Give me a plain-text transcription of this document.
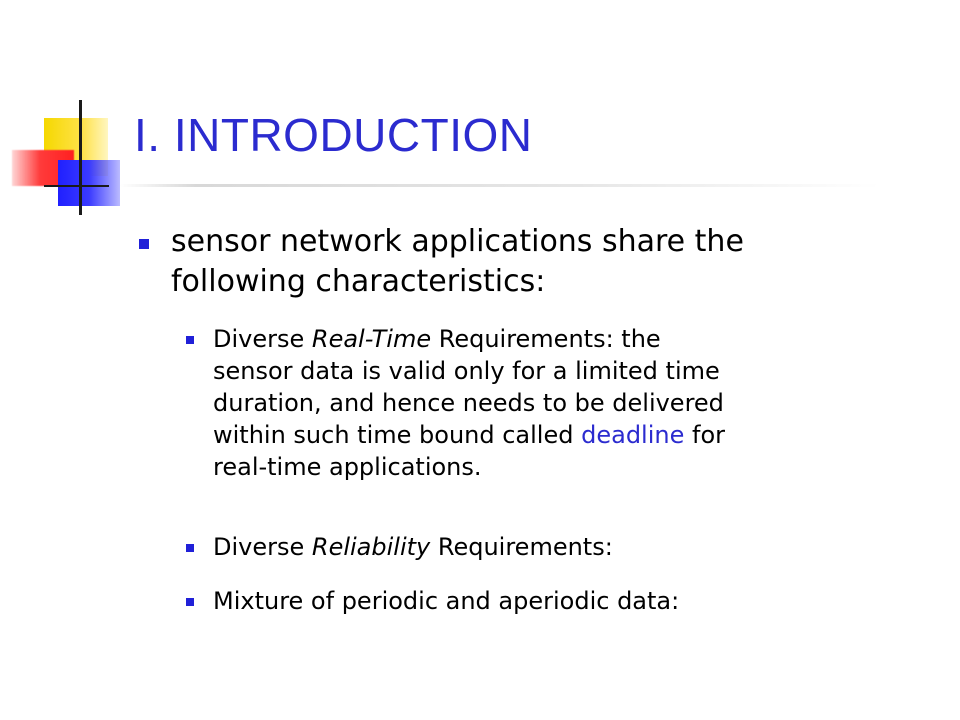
I. INTRODUCTION
sensor network applications share the
following characteristics:
Diverse Real-Time Requirements: the
sensor data is valid only for a limited time
duration, and hence needs to be delivered
within such time bound called deadline for
real-time applications.
Diverse Reliability Requirements:
Mixture of periodic and aperiodic data:
